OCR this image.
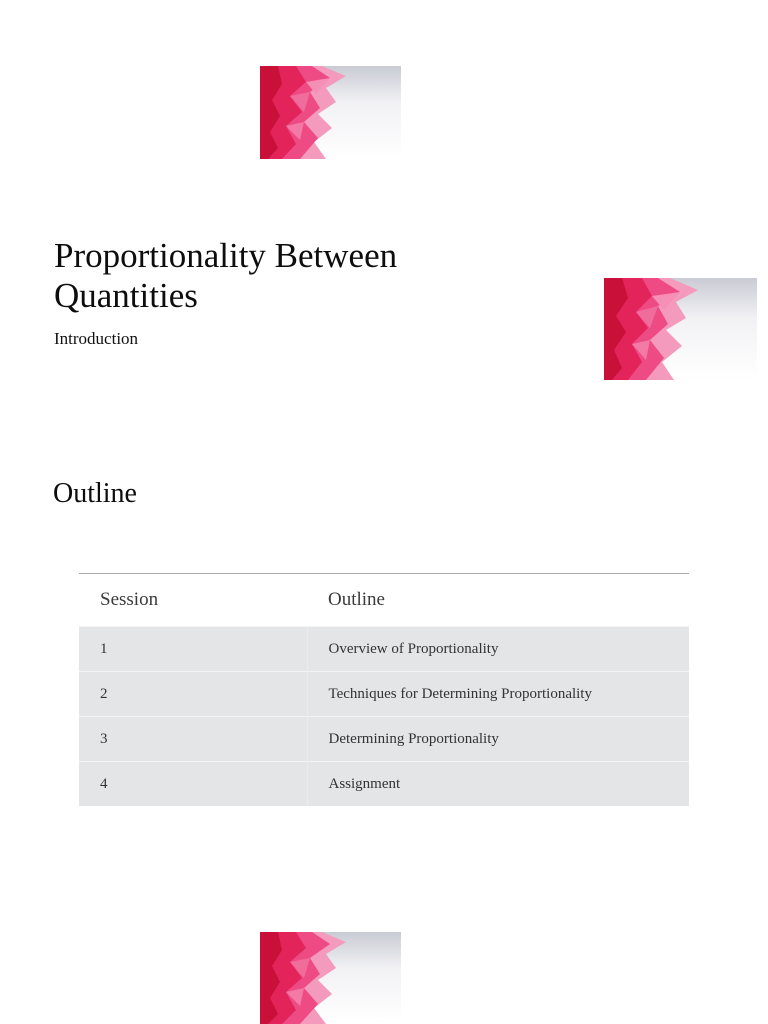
Proportionality Between Quantities

Introduction

Outline
Session	Outline
1	Overview of Proportionality
2	Techniques for Determining Proportionality
3	Determining Proportionality
4	Assignment
